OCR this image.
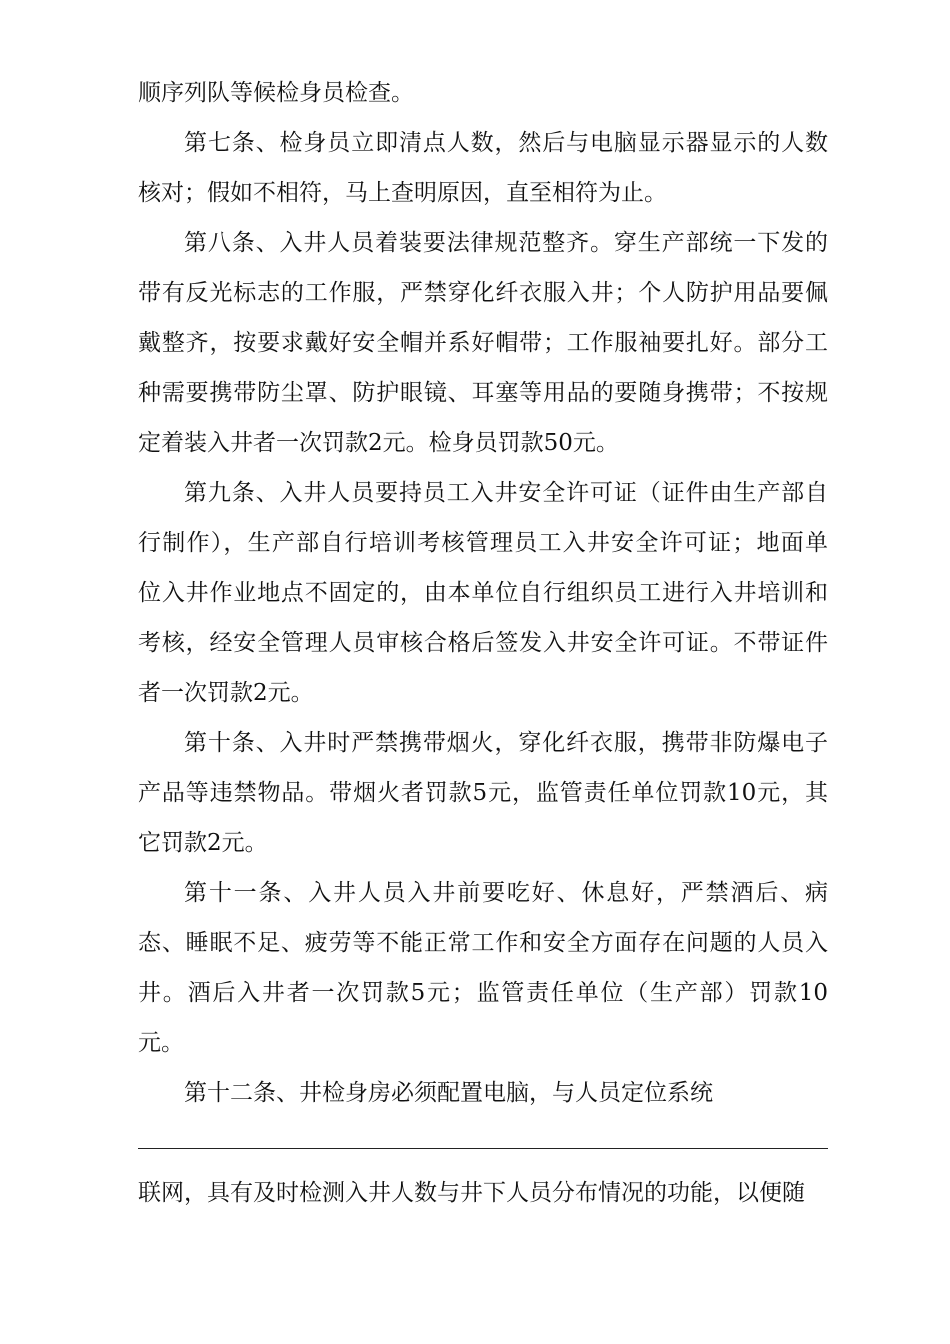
顺序列队等候检身员检查。
第七条、检身员立即清点人数，然后与电脑显示器显示的人数
核对；假如不相符，马上查明原因，直至相符为止。
第八条、入井人员着装要法律规范整齐。穿生产部统一下发的
带有反光标志的工作服，严禁穿化纤衣服入井；个人防护用品要佩
戴整齐，按要求戴好安全帽并系好帽带；工作服袖要扎好。部分工
种需要携带防尘罩、防护眼镜、耳塞等用品的要随身携带；不按规
定着装入井者一次罚款2元。检身员罚款50元。
第九条、入井人员要持员工入井安全许可证（证件由生产部自
行制作），生产部自行培训考核管理员工入井安全许可证；地面单
位入井作业地点不固定的，由本单位自行组织员工进行入井培训和
考核，经安全管理人员审核合格后签发入井安全许可证。不带证件
者一次罚款2元。
第十条、入井时严禁携带烟火，穿化纤衣服，携带非防爆电子
产品等违禁物品。带烟火者罚款5元，监管责任单位罚款10元，其
它罚款2元。
第十一条、入井人员入井前要吃好、休息好，严禁酒后、病
态、睡眠不足、疲劳等不能正常工作和安全方面存在问题的人员入
井。酒后入井者一次罚款5元；监管责任单位（生产部）罚款10
元。
第十二条、井检身房必须配置电脑，与人员定位系统
联网，具有及时检测入井人数与井下人员分布情况的功能，以便随
